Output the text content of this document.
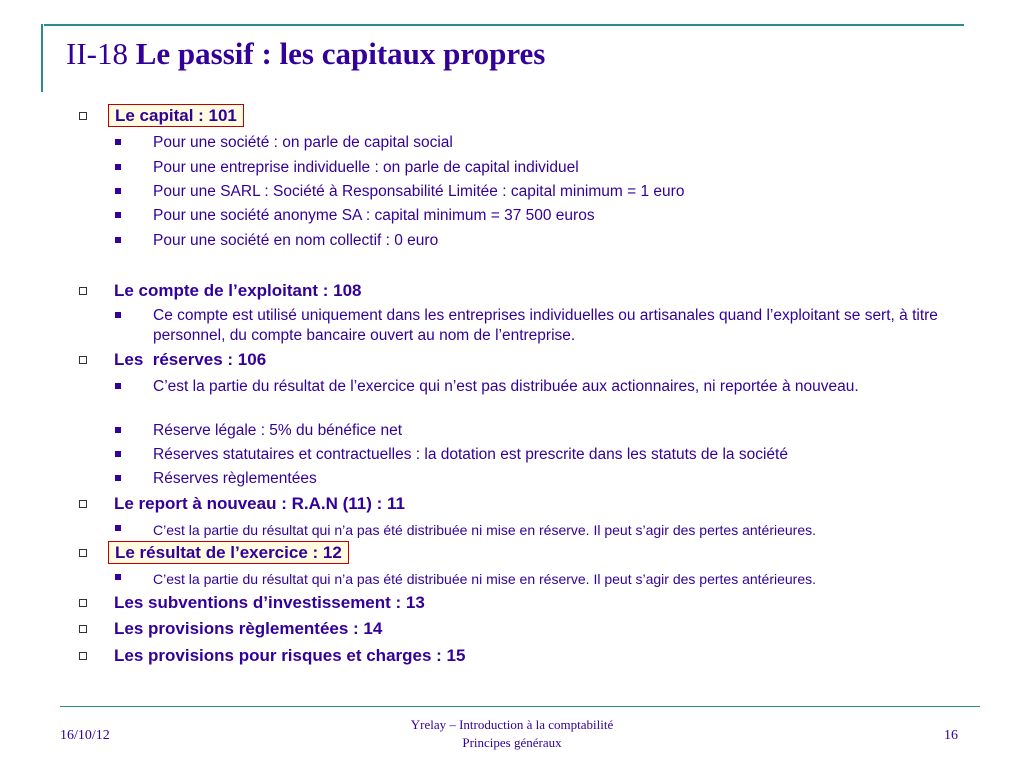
II-18 Le passif : les capitaux propres
Le capital : 101
Pour une société : on parle de capital social
Pour une entreprise individuelle : on parle de capital individuel
Pour une SARL : Société à Responsabilité Limitée : capital minimum = 1 euro
Pour une société anonyme SA : capital minimum = 37 500 euros
Pour une société en nom collectif : 0 euro
Le compte de l’exploitant : 108
Ce compte est utilisé uniquement dans les entreprises individuelles ou artisanales quand l’exploitant se sert, à titre personnel, du compte bancaire ouvert au nom de l’entreprise.
Les  réserves : 106
C’est la partie du résultat de l’exercice qui n’est pas distribuée aux actionnaires, ni reportée à nouveau.
Réserve légale : 5% du bénéfice net
Réserves statutaires et contractuelles : la dotation est prescrite dans les statuts de la société
Réserves règlementées
Le report à nouveau : R.A.N (11) : 11
C’est la partie du résultat qui n’a pas été distribuée ni mise en réserve. Il peut s’agir des pertes antérieures.
Le résultat de l’exercice : 12
C’est la partie du résultat qui n’a pas été distribuée ni mise en réserve. Il peut s’agir des pertes antérieures.
Les subventions d’investissement : 13
Les provisions règlementées : 14
Les provisions pour risques et charges : 15
16/10/12
Yrelay – Introduction à la comptabilité
Principes généraux	16
